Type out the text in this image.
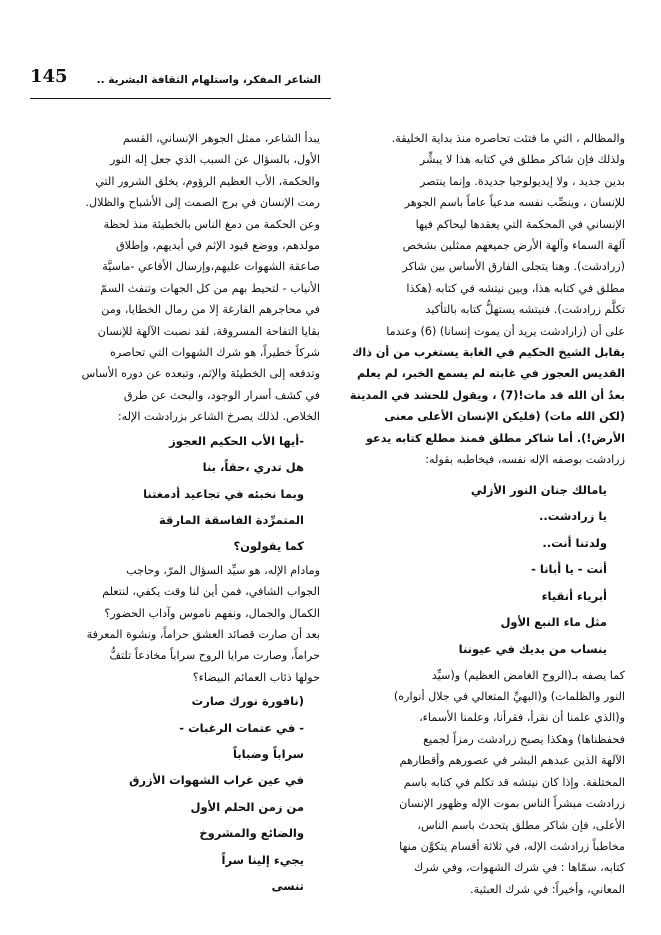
145	الشاعر المفكر، واستلهام الثقافة البشرية ..

والمظالم ، التي ما فتئت تحاصره منذ بداية الخليقة.

ولذلك فإن شاكر مطلق في كتابه هذا لا يبشِّر

بدين جديد ، ولا إيديولوجيا جديدة. وإنما ينتصر

للإنسان ، وينصِّب نفسه مدعياً عاماً باسم الجوهر

الإنساني في المحكمة التي يعقدها ليحاكم فيها

آلهة السماء وآلهة الأرض جميعهم ممثلين بشخص

(زرادشت). وهنا يتجلى الفارق الأساس بين شاكر

مطلق في كتابه هذا، وبين نيتشه في كتابه (هكذا

تكلَّم زرادشت). فنيتشه يستهلُّ كتابه بالتأكيد

على أن (زارادشت يريد أن يموت إنسانا) (6) وعندما

يقابل الشيخ الحكيم في الغابة يستغرب من أن ذاك

القديس العجوز في غابته لم يسمع الخبر، لم يعلم

بعدُ أن الله قد مات!(7) ، ويقول للحشد في المدينة

(لكن الله مات) (فليكن الإنسان الأعلى معنى

الأرض!). أما شاكر مطلق فمنذ مطلع كتابه يدعو

زرادشت بوصفه الإله نفسه، فيخاطبه بقوله:

يامالك جنان النور الأزلي

يا زرادشت..

ولدتنا أنت..

أنت - يا أبانا -

أبرياء أنقياء

مثل ماء النبع الأول

ينساب من يديك في عيوننا

كما يصفه بـ(الروح الغامض العظيم) و(سيِّد

النور والظلمات) و(البهيِّ المتعالي في جلال أنواره)

و(الذي علمنا أن نقرأ، فقرأنا، وعلمنا الأسماء،

فحفظناها) وهكذا يصبح زرادشت رمزاً لجميع

الآلهة الذين عبدهم البشر في عصورهم وأقطارهم

المختلفة. وإذا كان نيتشه قد تكلم في كتابه باسم

زرادشت مبشراً الناس بموت الإله وظهور الإنسان

الأعلى، فإن شاكر مطلق يتحدث باسم الناس،

مخاطباً زرادشت الإله، في ثلاثة أقسام يتكوَّن منها

كتابه، سمّاها : في شرك الشهوات، وفي شرك

المعاني، وأخيراً: في شرك العبثية.

يبدأ الشاعر، ممثل الجوهر الإنساني، القسم

الأول، بالسؤال عن السبب الذي جعل إله النور

والحكمة، الأب العظيم الرؤوم، يخلق الشرور التي

رمت الإنسان في برج الصمت إلى الأشباح والظلال.

وعن الحكمة من دمغ الناس بالخطيئة منذ لحظة

مولدهم، ووضع قيود الإثم في أيديهم، وإطلاق

صاعقة الشهوات عليهم،وإرسال الأفاعي -ماسيَّة

الأنياب - لتحيط بهم من كل الجهات وتنفث السمّ

في محاجرهم الفارغة إلا من رمال الخطايا، ومن

بقايا التفاحة المسروقة. لقد نصبت الآلهة للإنسان

شركاً خطيراً، هو شرك الشهوات التي تحاصره

وتدفعه إلى الخطيئة والإثم، وتبعده عن دوره الأساس

في كشف أسرار الوجود، والبحث عن طرق

الخلاص. لذلك يصرخ الشاعر بزرادشت الإله:

-أيها الأب الحكيم العجوز

هل تدري ،حقاً، بنا

وبما نخبئه في تجاعيد أدمغتنا

المتمرِّدة الفاسقة المارقة

كما يقولون؟

ومادام الإله، هو سيِّد السؤال المرّ، وحاجب

الجواب الشافي، فمن أين لنا وقت يكفي، لنتعلم

الكمال والجمال، ونفهم ناموس وآداب الحضور؟

بعد أن صارت قصائد العشق حراماً، ونشوة المعرفة

حراماً، وصارت مرايا الروح سراباً مخادعاً تلتفُّ

حولها ذئاب العمائم البيضاء؟

(نافورة نورك صارت

- في عتمات الرغبات -

سراباً وضباباً

في عين غراب الشهوات الأزرق

من زمن الحلم الأول

والضائع والمشروخ

يجيء إلينا سراً

تنسى
